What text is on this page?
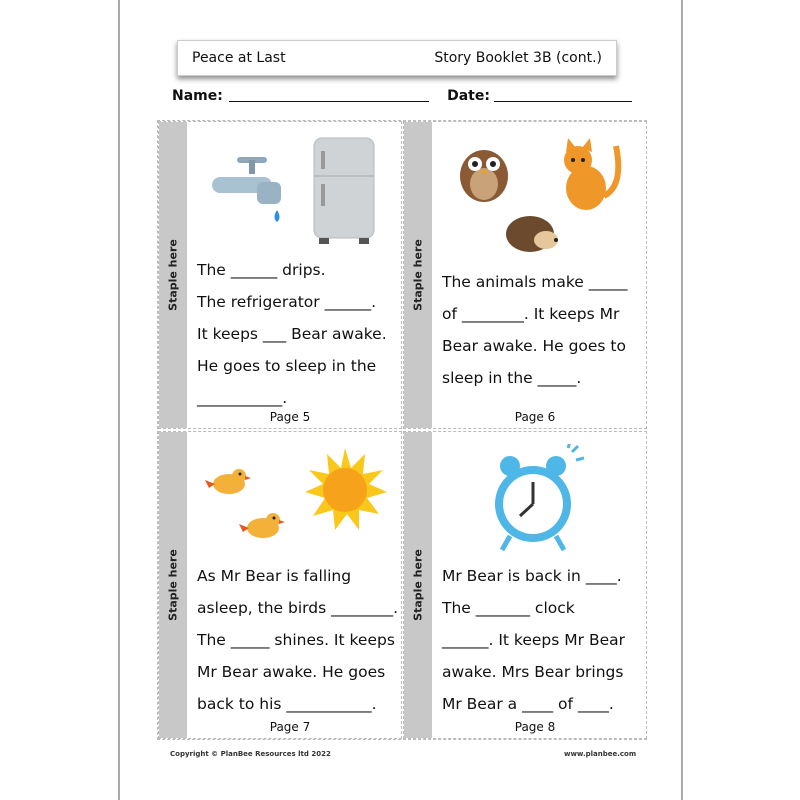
Peace at Last	Story Booklet 3B (cont.)
Name:	Date:
Staple here The ______ drips.
The refrigerator ______.
It keeps ___ Bear awake.
He goes to sleep in the
___________.
Page 5
Staple here The animals make _____
of ________. It keeps Mr
Bear awake. He goes to
sleep in the _____.
Page 6
Staple here As Mr Bear is falling
asleep, the birds ________.
The _____ shines. It keeps
Mr Bear awake. He goes
back to his ___________.
Page 7
Staple here Mr Bear is back in ____.
The _______ clock
______. It keeps Mr Bear
awake. Mrs Bear brings
Mr Bear a ____ of ____.
Page 8
Copyright © PlanBee Resources ltd 2022	www.planbee.com
